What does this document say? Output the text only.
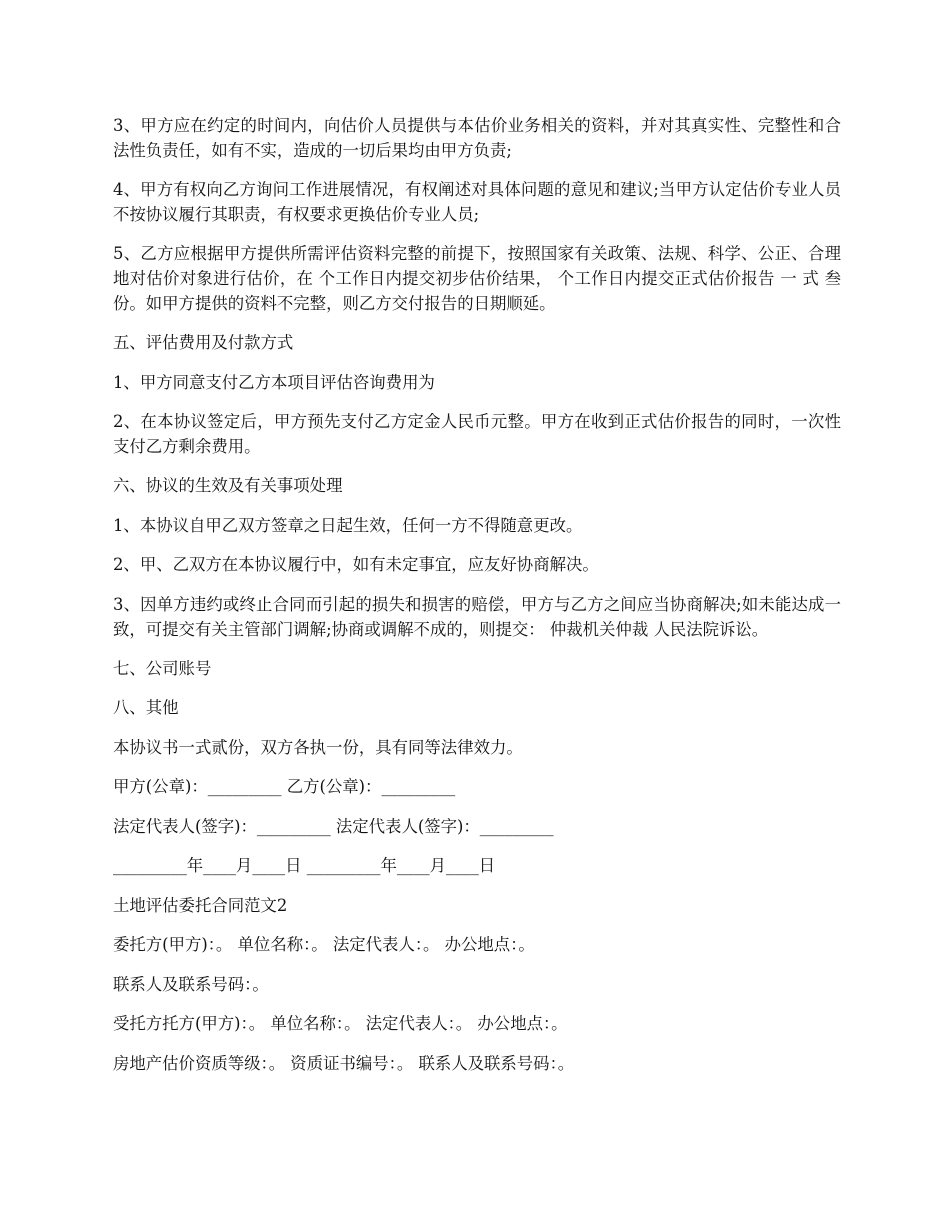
3、甲方应在约定的时间内，向估价人员提供与本估价业务相关的资料，并对其真实性、完整性和合法性负责任，如有不实，造成的一切后果均由甲方负责;

4、甲方有权向乙方询问工作进展情况，有权阐述对具体问题的意见和建议;当甲方认定估价专业人员不按协议履行其职责，有权要求更换估价专业人员;

5、乙方应根据甲方提供所需评估资料完整的前提下，按照国家有关政策、法规、科学、公正、合理地对估价对象进行估价，在 个工作日内提交初步估价结果， 个工作日内提交正式估价报告 一 式 叁 份。如甲方提供的资料不完整，则乙方交付报告的日期顺延。

五、评估费用及付款方式

1、甲方同意支付乙方本项目评估咨询费用为

2、在本协议签定后，甲方预先支付乙方定金人民币元整。甲方在收到正式估价报告的同时，一次性支付乙方剩余费用。

六、协议的生效及有关事项处理

1、本协议自甲乙双方签章之日起生效，任何一方不得随意更改。

2、甲、乙双方在本协议履行中，如有未定事宜，应友好协商解决。

3、因单方违约或终止合同而引起的损失和损害的赔偿，甲方与乙方之间应当协商解决;如未能达成一致，可提交有关主管部门调解;协商或调解不成的，则提交： 仲裁机关仲裁 人民法院诉讼。

七、公司账号

八、其他

本协议书一式贰份，双方各执一份，具有同等法律效力。

甲方(公章)：_________ 乙方(公章)：_________

法定代表人(签字)：_________ 法定代表人(签字)：_________

_________年____月____日 _________年____月____日

土地评估委托合同范文2

委托方(甲方)：。 单位名称：。 法定代表人：。 办公地点：。

联系人及联系号码：。

受托方托方(甲方)：。 单位名称：。 法定代表人：。 办公地点：。

房地产估价资质等级：。 资质证书编号：。 联系人及联系号码：。
